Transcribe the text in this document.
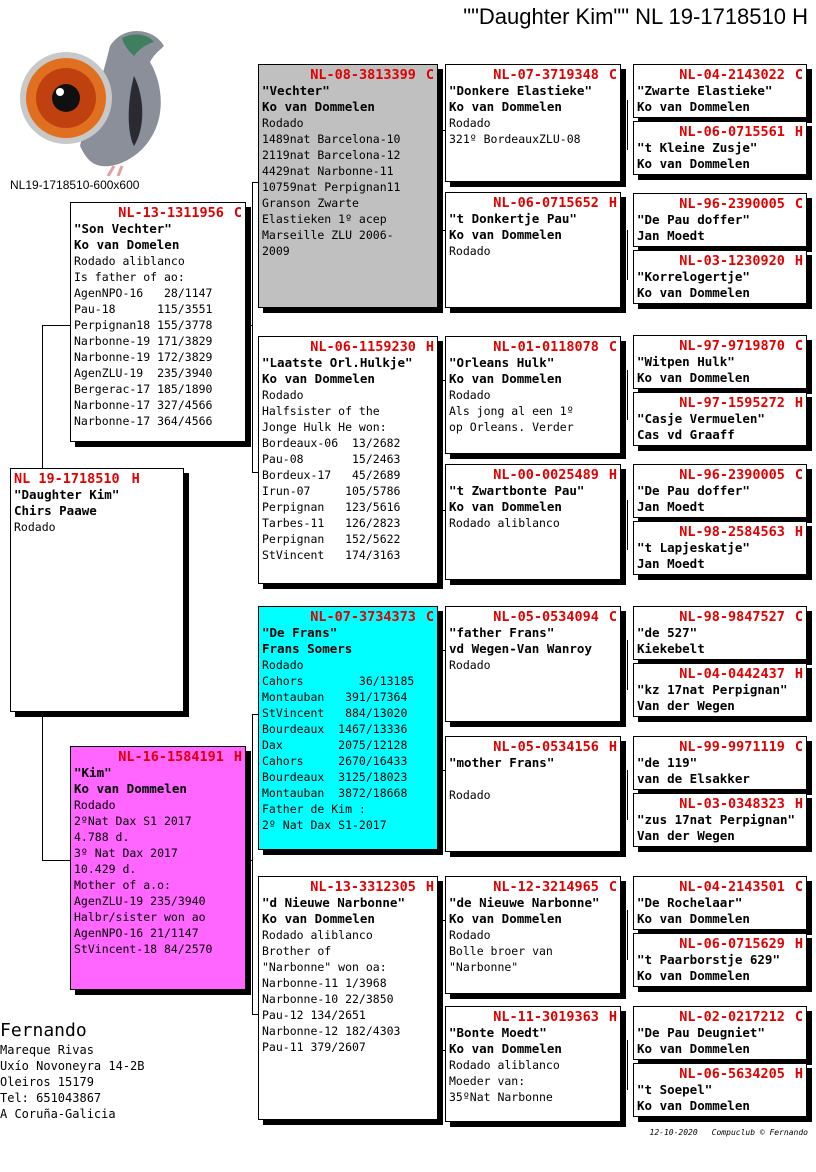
""Daughter Kim"" NL 19-1718510 H
NL19-1718510-600x600
NL 19-1718510 H
"Daughter Kim"
Chirs Paawe
Rodado
NL-13-1311956 C
"Son Vechter"
Ko van Domelen
Rodado aliblanco
Is father of ao:
AgenNPO-16   28/1147
Pau-18      115/3551
Perpignan18 155/3778
Narbonne-19 171/3829
Narbonne-19 172/3829
AgenZLU-19  235/3940
Bergerac-17 185/1890
Narbonne-17 327/4566
Narbonne-17 364/4566
NL-16-1584191 H
"Kim"
Ko van Dommelen
Rodado
2ºNat Dax S1 2017
4.788 d.
3º Nat Dax 2017
10.429 d.
Mother of a.o:
AgenZLU-19 235/3940
Halbr/sister won ao
AgenNPO-16 21/1147
StVincent-18 84/2570
NL-08-3813399 C
"Vechter"
Ko van Dommelen
Rodado
1489nat Barcelona-10
2119nat Barcelona-12
4429nat Narbonne-11
10759nat Perpignan11
Granson Zwarte
Elastieken 1º acep
Marseille ZLU 2006-
2009
NL-06-1159230 H
"Laatste Orl.Hulkje"
Ko van Dommelen
Rodado
Halfsister of the
Jonge Hulk He won:
Bordeaux-06  13/2682
Pau-08       15/2463
Bordeux-17   45/2689
Irun-07     105/5786
Perpignan   123/5616
Tarbes-11   126/2823
Perpignan   152/5622
StVincent   174/3163
NL-07-3734373 C
"De Frans"
Frans Somers
Rodado
Cahors        36/13185
Montauban   391/17364
StVincent   884/13020
Bourdeaux  1467/13336
Dax        2075/12128
Cahors     2670/16433
Bourdeaux  3125/18023
Montauban  3872/18668
Father de Kim :
2º Nat Dax S1-2017
NL-13-3312305 H
"d Nieuwe Narbonne"
Ko van Dommelen
Rodado aliblanco
Brother of
"Narbonne" won oa:
Narbonne-11 1/3968
Narbonne-10 22/3850
Pau-12 134/2651
Narbonne-12 182/4303
Pau-11 379/2607
NL-07-3719348 C
"Donkere Elastieke"
Ko van Dommelen
Rodado
321º BordeauxZLU-08
NL-06-0715652 H
"t Donkertje Pau"
Ko van Dommelen
Rodado
NL-01-0118078 C
"Orleans Hulk"
Ko van Dommelen
Rodado
Als jong al een 1º
op Orleans. Verder
NL-00-0025489 H
"t Zwartbonte Pau"
Ko van Dommelen
Rodado aliblanco
NL-05-0534094 C
"father Frans"
vd Wegen-Van Wanroy
Rodado
NL-05-0534156 H
"mother Frans"

Rodado
NL-12-3214965 C
"de Nieuwe Narbonne"
Ko van Dommelen
Rodado
Bolle broer van
"Narbonne"
NL-11-3019363 H
"Bonte Moedt"
Ko van Dommelen
Rodado aliblanco
Moeder van:
35ºNat Narbonne
NL-04-2143022 C
"Zwarte Elastieke"
Ko van Dommelen
NL-06-0715561 H
"t Kleine Zusje"
Ko van Dommelen
NL-96-2390005 C
"De Pau doffer"
Jan Moedt
NL-03-1230920 H
"Korrelogertje"
Ko van Dommelen
NL-97-9719870 C
"Witpen Hulk"
Ko van Dommelen
NL-97-1595272 H
"Casje Vermuelen"
Cas vd Graaff
NL-96-2390005 C
"De Pau doffer"
Jan Moedt
NL-98-2584563 H
"t Lapjeskatje"
Jan Moedt
NL-98-9847527 C
"de 527"
Kiekebelt
NL-04-0442437 H
"kz 17nat Perpignan"
Van der Wegen
NL-99-9971119 C
"de 119"
van de Elsakker
NL-03-0348323 H
"zus 17nat Perpignan"
Van der Wegen
NL-04-2143501 C
"De Rochelaar"
Ko van Dommelen
NL-06-0715629 H
"t Paarborstje 629"
Ko van Dommelen
NL-02-0217212 C
"De Pau Deugniet"
Ko van Dommelen
NL-06-5634205 H
"t Soepel"
Ko van Dommelen
Fernando
Mareque Rivas
Uxío Novoneyra 14-2B
Oleiros 15179
Tel: 651043867
A Coruña-Galicia
12-10-2020 Compuclub © Fernando
